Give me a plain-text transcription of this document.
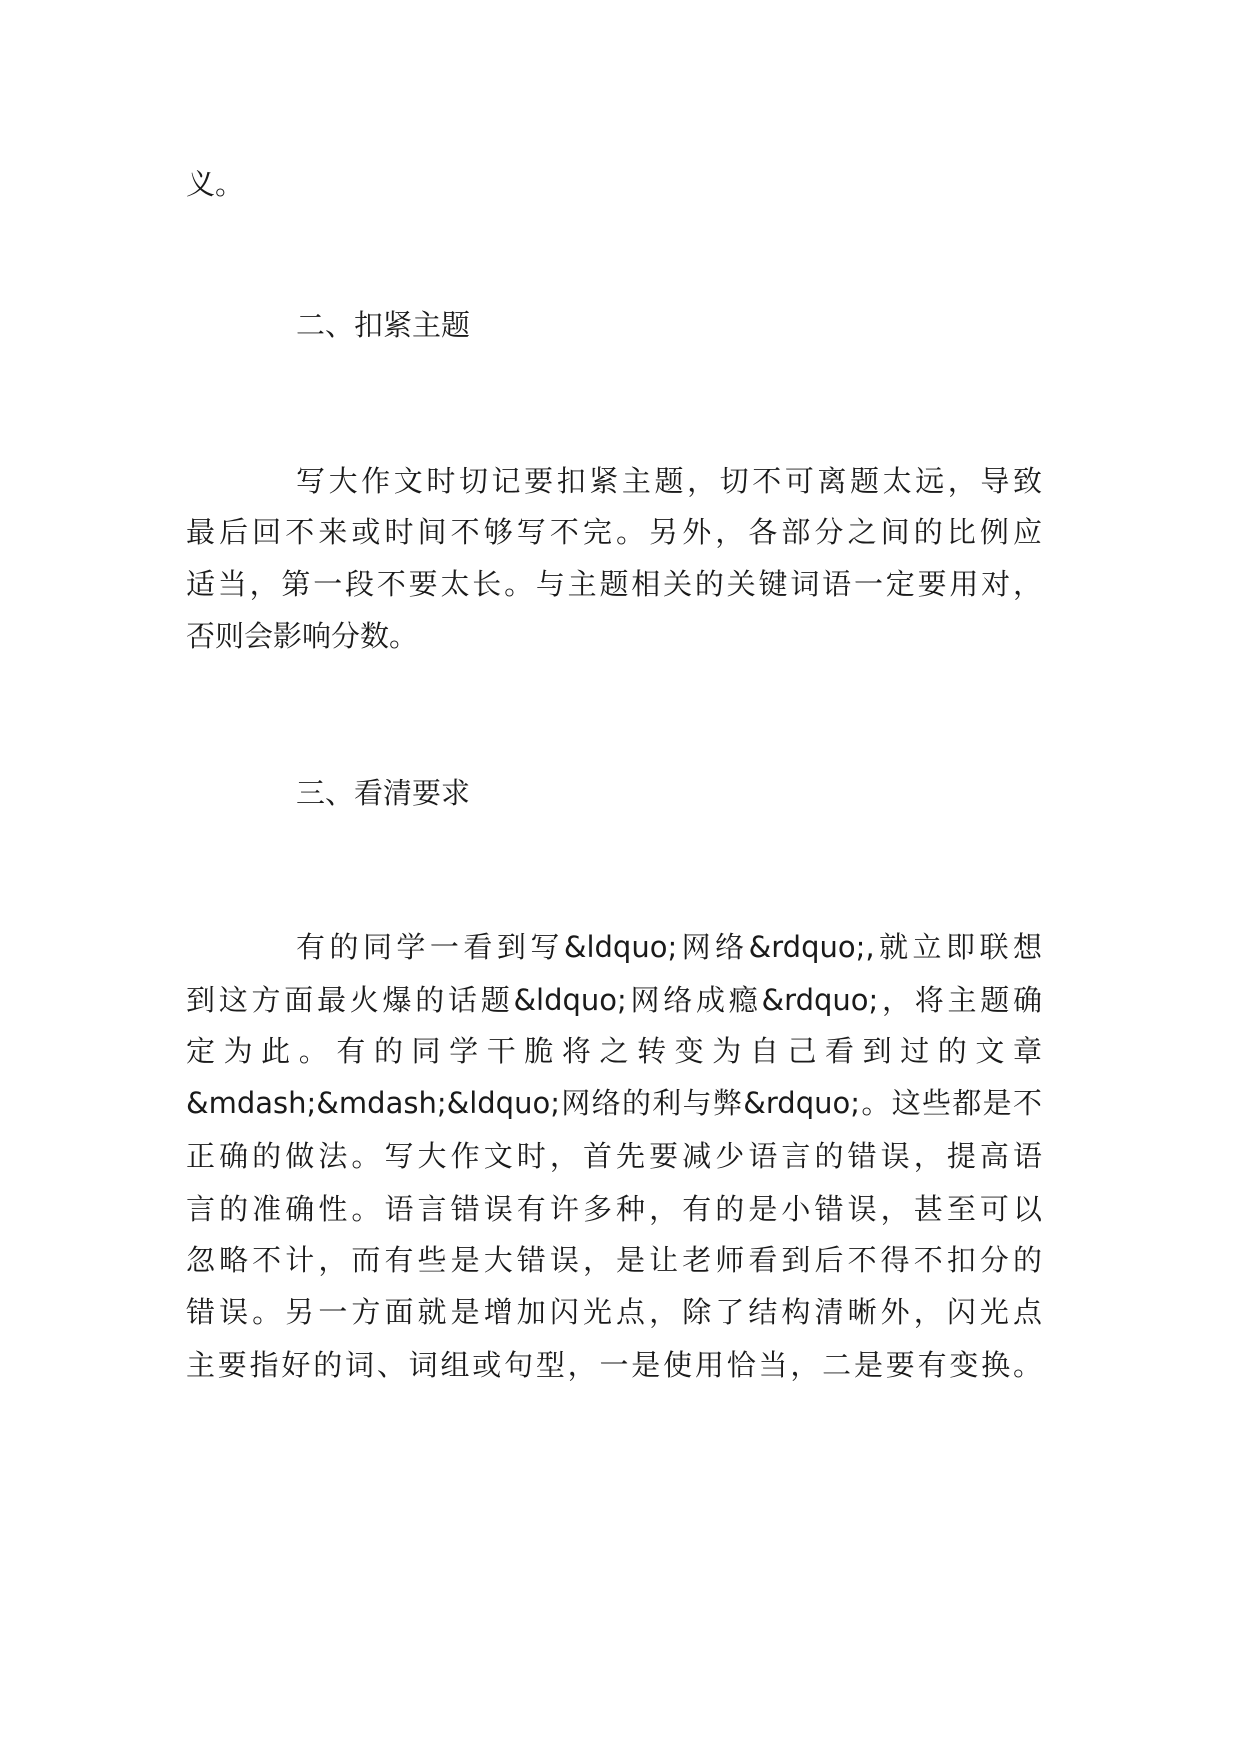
义。

二、扣紧主题

写大作文时切记要扣紧主题，切不可离题太远，导致

最后回不来或时间不够写不完。另外，各部分之间的比例应

适当，第一段不要太长。与主题相关的关键词语一定要用对，

否则会影响分数。

三、看清要求

有的同学一看到写&ldquo;网络&rdquo;,就立即联想

到这方面最火爆的话题&ldquo;网络成瘾&rdquo;，将主题确

定为此。有的同学干脆将之转变为自己看到过的文章

&mdash;&mdash;&ldquo;网络的利与弊&rdquo;。这些都是不

正确的做法。写大作文时，首先要减少语言的错误，提高语

言的准确性。语言错误有许多种，有的是小错误，甚至可以

忽略不计，而有些是大错误，是让老师看到后不得不扣分的

错误。另一方面就是增加闪光点，除了结构清晰外，闪光点

主要指好的词、词组或句型，一是使用恰当，二是要有变换。
